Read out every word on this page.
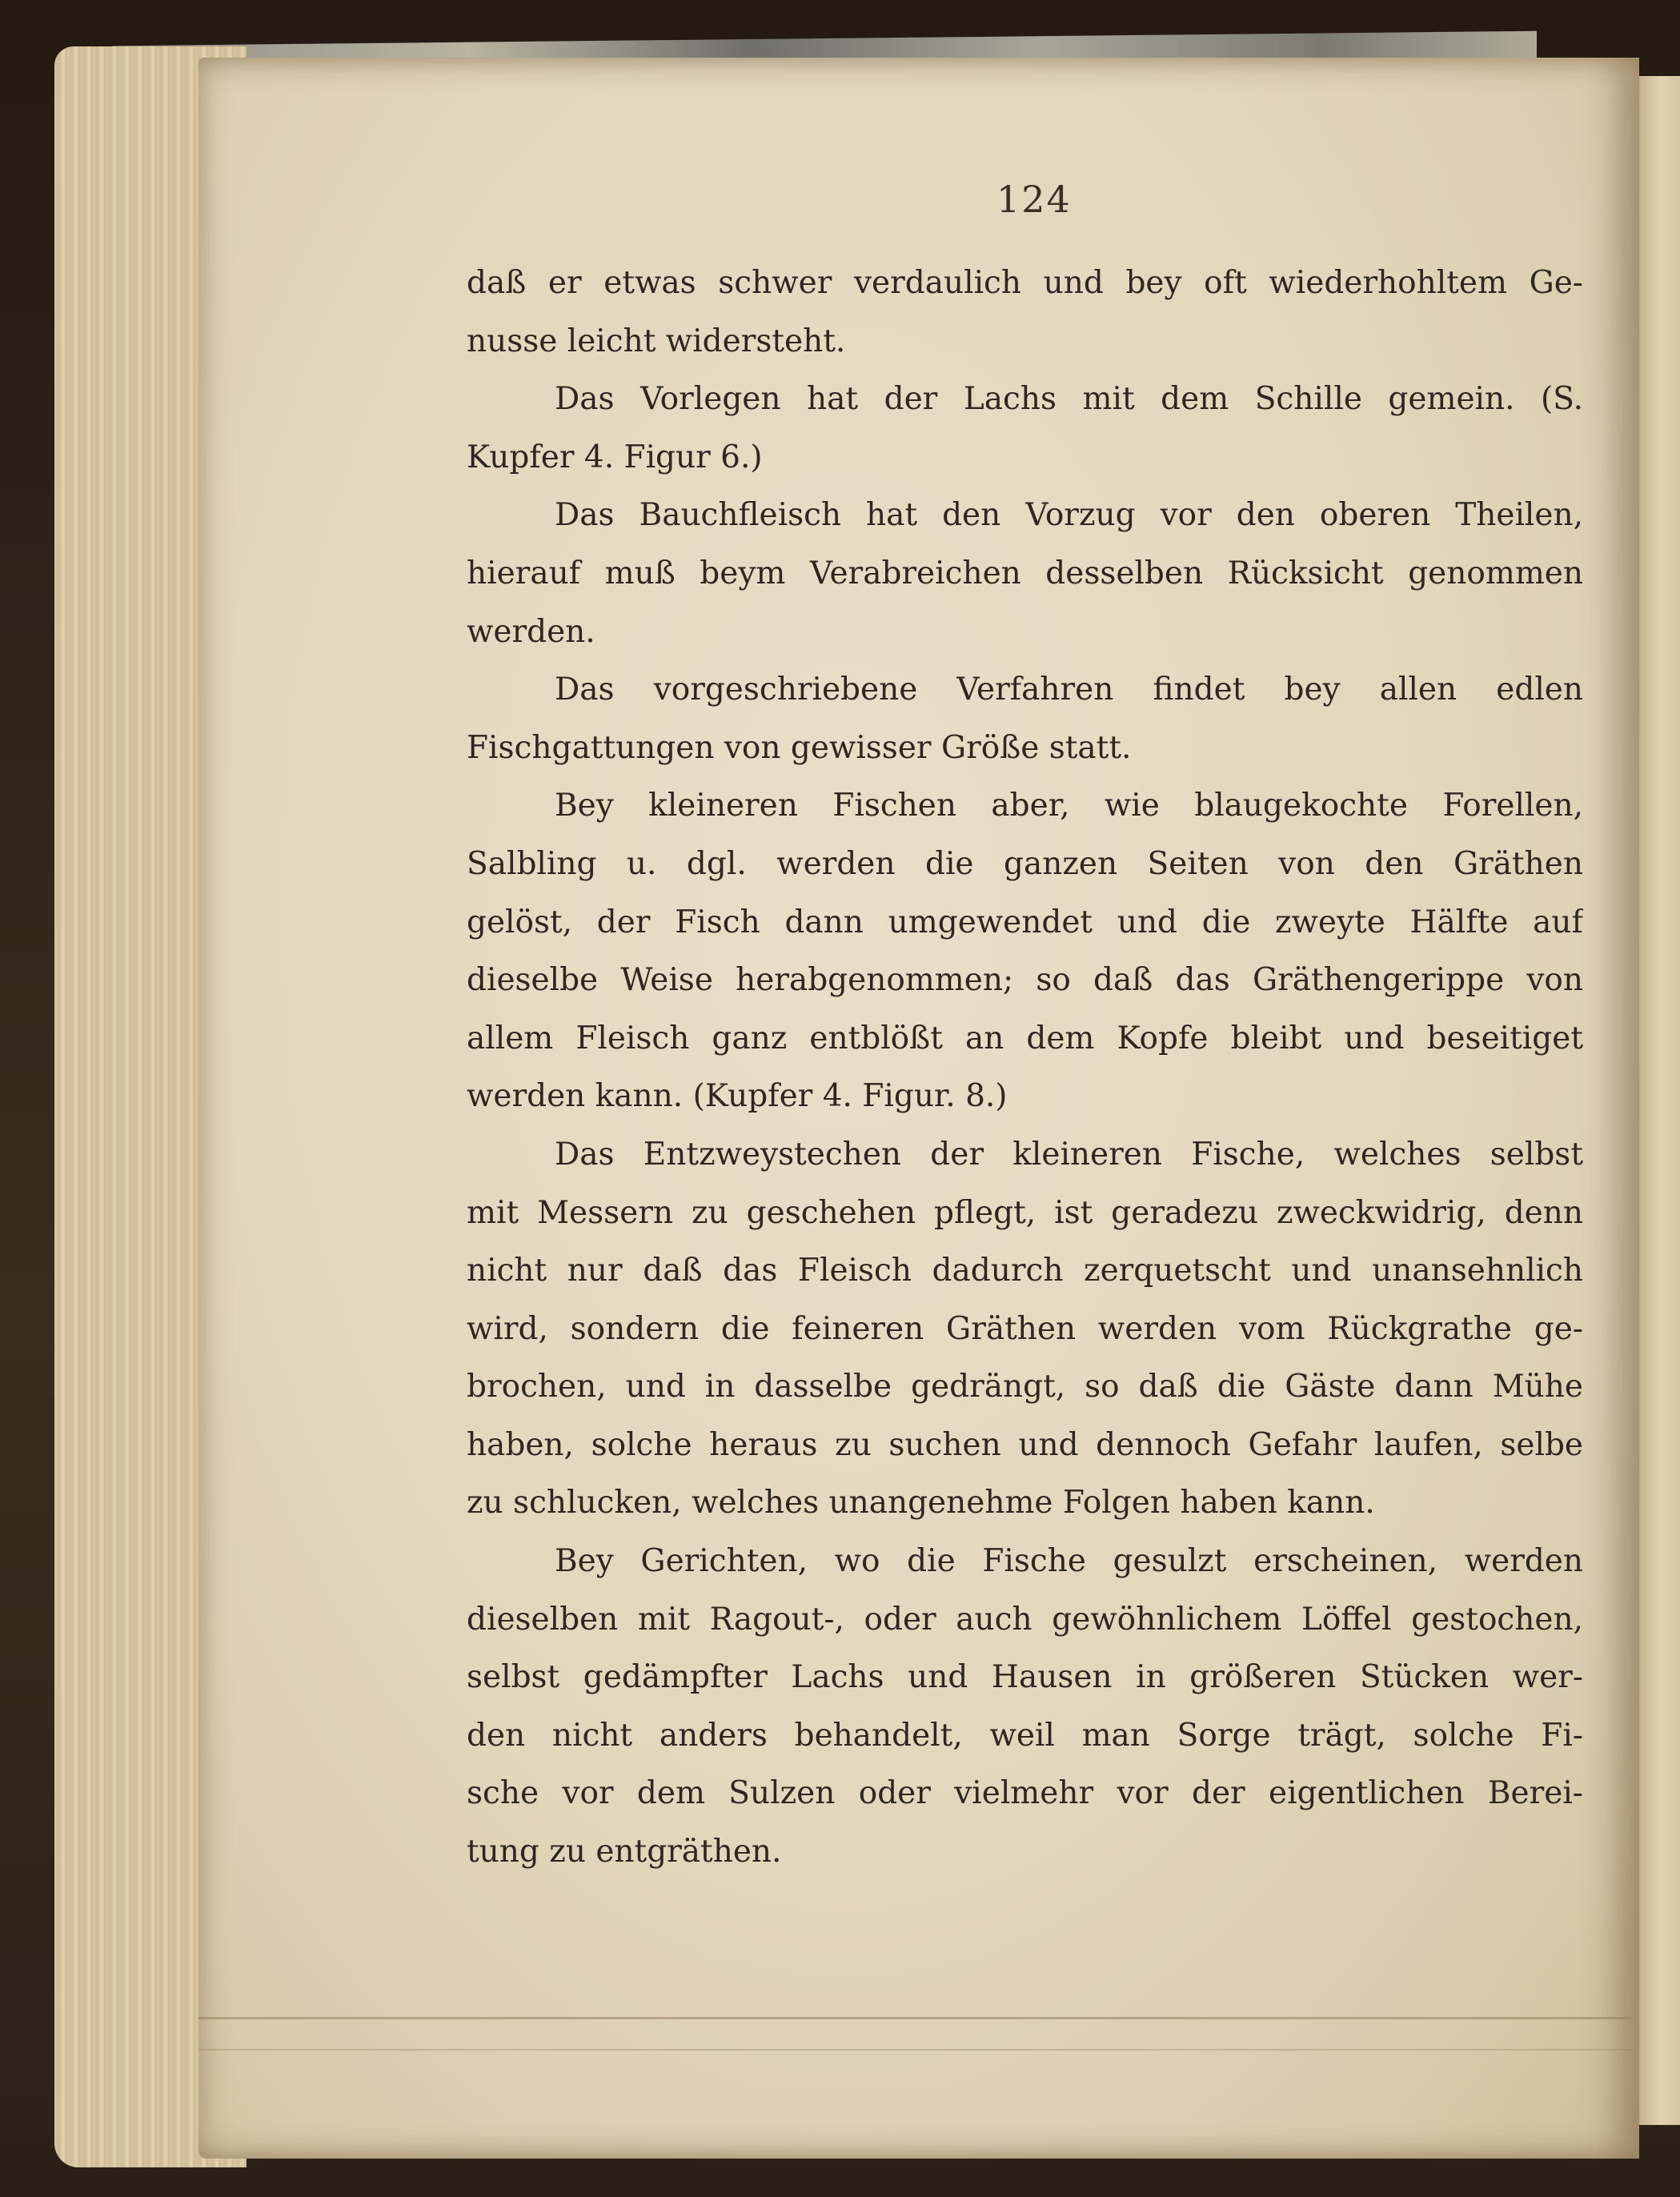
124
daß er etwas schwer verdaulich und bey oft wiederhohltem Ge-
nusse leicht widersteht.
Das Vorlegen hat der Lachs mit dem Schille gemein. (S.
Kupfer 4. Figur 6.)
Das Bauchfleisch hat den Vorzug vor den oberen Theilen,
hierauf muß beym Verabreichen desselben Rücksicht genommen
werden.
Das vorgeschriebene Verfahren findet bey allen edlen
Fischgattungen von gewisser Größe statt.
Bey kleineren Fischen aber, wie blaugekochte Forellen,
Salbling u. dgl. werden die ganzen Seiten von den Gräthen
gelöst, der Fisch dann umgewendet und die zweyte Hälfte auf
dieselbe Weise herabgenommen; so daß das Gräthengerippe von
allem Fleisch ganz entblößt an dem Kopfe bleibt und beseitiget
werden kann. (Kupfer 4. Figur. 8.)
Das Entzweystechen der kleineren Fische, welches selbst
mit Messern zu geschehen pflegt, ist geradezu zweckwidrig, denn
nicht nur daß das Fleisch dadurch zerquetscht und unansehnlich
wird, sondern die feineren Gräthen werden vom Rückgrathe ge-
brochen, und in dasselbe gedrängt, so daß die Gäste dann Mühe
haben, solche heraus zu suchen und dennoch Gefahr laufen, selbe
zu schlucken, welches unangenehme Folgen haben kann.
Bey Gerichten, wo die Fische gesulzt erscheinen, werden
dieselben mit Ragout-, oder auch gewöhnlichem Löffel gestochen,
selbst gedämpfter Lachs und Hausen in größeren Stücken wer-
den nicht anders behandelt, weil man Sorge trägt, solche Fi-
sche vor dem Sulzen oder vielmehr vor der eigentlichen Berei-
tung zu entgräthen.
